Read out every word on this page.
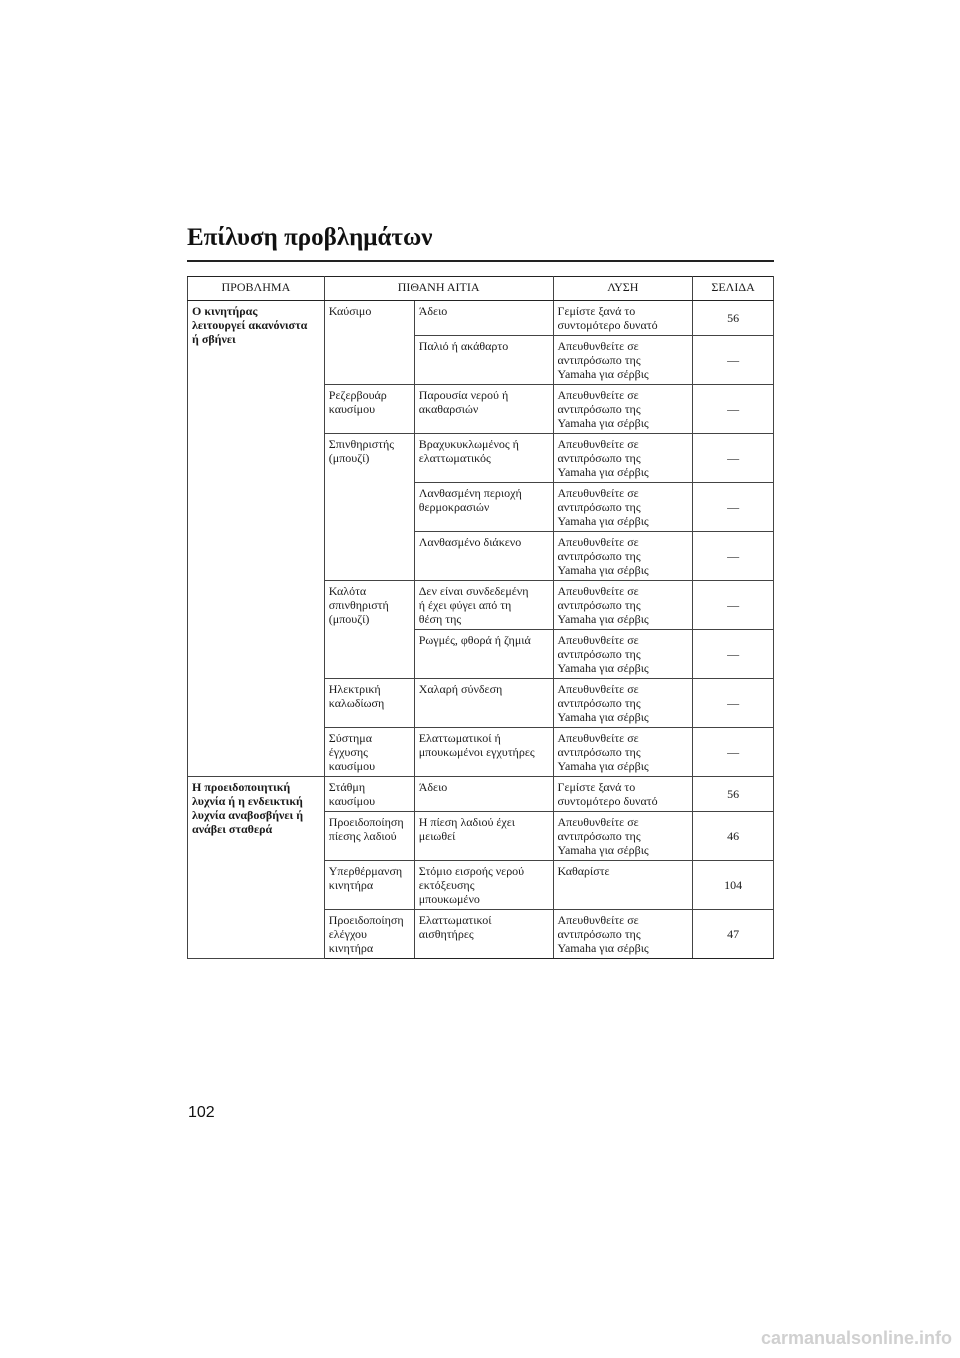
Επίλυση προβλημάτων
ΠΡΟΒΛΗΜΑ	ΠΙΘΑΝΗ ΑΙΤΙΑ		ΛΥΣΗ	ΣΕΛΙΔΑ
Ο κινητήρας
λειτουργεί ακανόνιστα
ή σβήνει	Καύσιμο	Άδειο	Γεμίστε ξανά το
συντομότερο δυνατό	56
		Παλιό ή ακάθαρτο	Απευθυνθείτε σε
αντιπρόσωπο της
Yamaha για σέρβις	—
	Ρεζερβουάρ
καυσίμου	Παρουσία νερού ή
ακαθαρσιών	Απευθυνθείτε σε
αντιπρόσωπο της
Yamaha για σέρβις	—
	Σπινθηριστής
(μπουζί)	Βραχυκυκλωμένος ή
ελαττωματικός	Απευθυνθείτε σε
αντιπρόσωπο της
Yamaha για σέρβις	—
		Λανθασμένη περιοχή
θερμοκρασιών	Απευθυνθείτε σε
αντιπρόσωπο της
Yamaha για σέρβις	—
		Λανθασμένο διάκενο	Απευθυνθείτε σε
αντιπρόσωπο της
Yamaha για σέρβις	—
	Καλότα
σπινθηριστή
(μπουζί)	Δεν είναι συνδεδεμένη
ή έχει φύγει από τη
θέση της	Απευθυνθείτε σε
αντιπρόσωπο της
Yamaha για σέρβις	—
		Ρωγμές, φθορά ή ζημιά	Απευθυνθείτε σε
αντιπρόσωπο της
Yamaha για σέρβις	—
	Ηλεκτρική
καλωδίωση	Χαλαρή σύνδεση	Απευθυνθείτε σε
αντιπρόσωπο της
Yamaha για σέρβις	—
	Σύστημα
έγχυσης
καυσίμου	Ελαττωματικοί ή
μπουκωμένοι εγχυτήρες	Απευθυνθείτε σε
αντιπρόσωπο της
Yamaha για σέρβις	—
Η προειδοποιητική
λυχνία ή η ενδεικτική
λυχνία αναβοσβήνει ή
ανάβει σταθερά	Στάθμη
καυσίμου	Άδειο	Γεμίστε ξανά το
συντομότερο δυνατό	56
	Προειδοποίηση
πίεσης λαδιού	Η πίεση λαδιού έχει
μειωθεί	Απευθυνθείτε σε
αντιπρόσωπο της
Yamaha για σέρβις	46
	Υπερθέρμανση
κινητήρα	Στόμιο εισροής νερού
εκτόξευσης
μπουκωμένο	Καθαρίστε	104
	Προειδοποίηση
ελέγχου
κινητήρα	Ελαττωματικοί
αισθητήρες	Απευθυνθείτε σε
αντιπρόσωπο της
Yamaha για σέρβις	47
102
carmanualsonline.info
